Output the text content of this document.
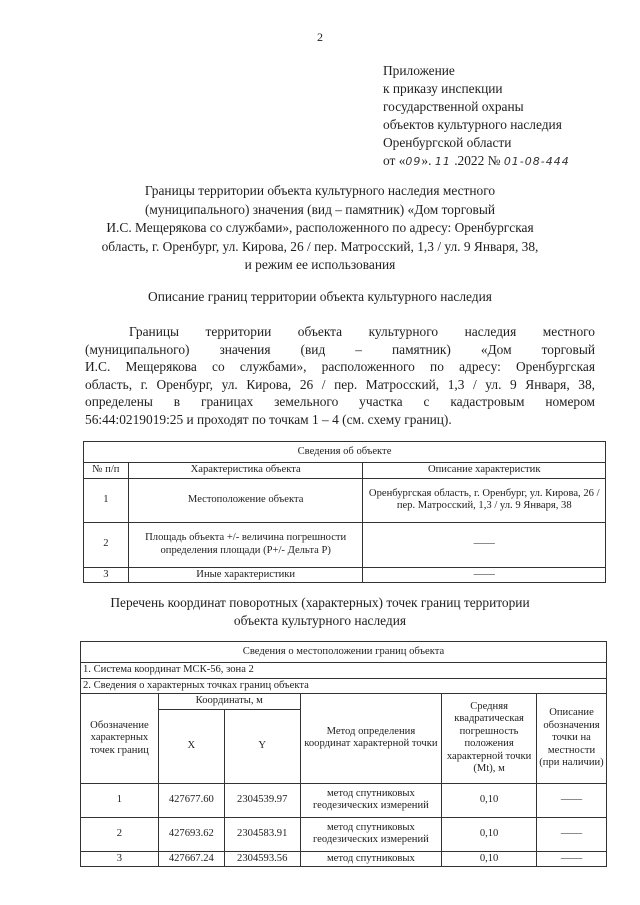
2
Приложение
к приказу инспекции
государственной охраны
объектов культурного наследия
Оренбургской области
от «09». 11 .2022 № 01-08-444
Границы территории объекта культурного наследия местного
(муниципального) значения (вид – памятник) «Дом торговый
И.С. Мещерякова со службами», расположенного по адресу: Оренбургская
область, г. Оренбург, ул. Кирова, 26 / пер. Матросский, 1,3 / ул. 9 Января, 38,
и режим ее использования
Описание границ территории объекта культурного наследия
Границы территории объекта культурного наследия местного
(муниципального) значения (вид – памятник) «Дом торговый
И.С. Мещерякова со службами», расположенного по адресу: Оренбургская
область, г. Оренбург, ул. Кирова, 26 / пер. Матросский, 1,3 / ул. 9 Января, 38,
определены в границах земельного участка с кадастровым номером
56:44:0219019:25 и проходят по точкам 1 – 4 (см. схему границ).
Сведения об объекте		
№ п/п	Характеристика объекта	Описание характеристик
1	Местоположение объекта	Оренбургская область, г. Оренбург, ул. Кирова, 26 / пер. Матросский, 1,3 / ул. 9 Января, 38
2	Площадь объекта +/- величина погрешности определения площади (Р+/- Дельта Р)	——
3	Иные характеристики	——
Перечень координат поворотных (характерных) точек границ территории
объекта культурного наследия
Сведения о местоположении границ объекта					
1. Система координат МСК-56, зона 2					
2. Сведения о характерных точках границ объекта					
Обозначение характерных точек границ	Координаты, м		Метод определения координат характерной точки	Средняя квадратическая погрешность положения характерной точки (Mt), м	Описание обозначения точки на местности (при наличии)
	X	Y			
1	427677.60	2304539.97	метод спутниковых геодезических измерений	0,10	——
2	427693.62	2304583.91	метод спутниковых геодезических измерений	0,10	——
3	427667.24	2304593.56	метод спутниковых	0,10	——
